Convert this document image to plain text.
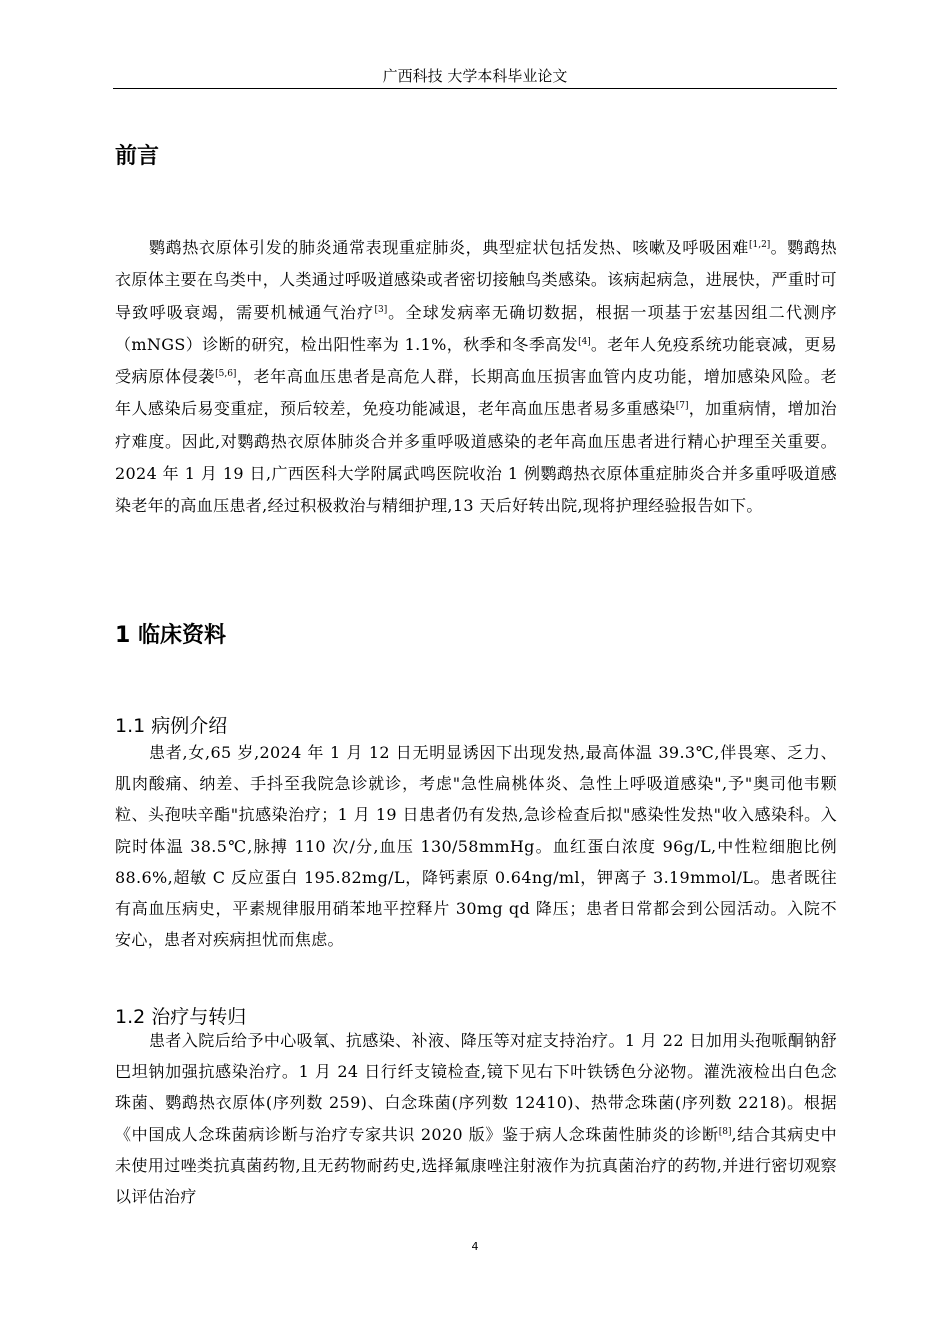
广西科技 大学本科毕业论文
前言
鹦鹉热衣原体引发的肺炎通常表现重症肺炎，典型症状包括发热、咳嗽及呼吸困难[1,2]。鹦鹉热衣原体主要在鸟类中，人类通过呼吸道感染或者密切接触鸟类感染。该病起病急，进展快，严重时可导致呼吸衰竭，需要机械通气治疗[3]。全球发病率无确切数据，根据一项基于宏基因组二代测序（mNGS）诊断的研究，检出阳性率为 1.1%，秋季和冬季高发[4]。老年人免疫系统功能衰减，更易受病原体侵袭[5,6]，老年高血压患者是高危人群，长期高血压损害血管内皮功能，增加感染风险。老年人感染后易变重症，预后较差，免疫功能减退，老年高血压患者易多重感染[7]，加重病情，增加治疗难度。因此,对鹦鹉热衣原体肺炎合并多重呼吸道感染的老年高血压患者进行精心护理至关重要。2024 年 1 月 19 日,广西医科大学附属武鸣医院收治 1 例鹦鹉热衣原体重症肺炎合并多重呼吸道感染老年的高血压患者,经过积极救治与精细护理,13 天后好转出院,现将护理经验报告如下。
1 临床资料
1.1 病例介绍
患者,女,65 岁,2024 年 1 月 12 日无明显诱因下出现发热,最高体温 39.3℃,伴畏寒、乏力、肌肉酸痛、纳差、手抖至我院急诊就诊，考虑"急性扁桃体炎、急性上呼吸道感染",予"奥司他韦颗粒、头孢呋辛酯"抗感染治疗；1 月 19 日患者仍有发热,急诊检查后拟"感染性发热"收入感染科。入院时体温 38.5℃,脉搏 110 次/分,血压 130/58mmHg。血红蛋白浓度 96g/L,中性粒细胞比例 88.6%,超敏 C 反应蛋白 195.82mg/L，降钙素原 0.64ng/ml，钾离子 3.19mmol/L。患者既往有高血压病史，平素规律服用硝苯地平控释片 30mg qd 降压；患者日常都会到公园活动。入院不安心，患者对疾病担忧而焦虑。
1.2 治疗与转归
患者入院后给予中心吸氧、抗感染、补液、降压等对症支持治疗。1 月 22 日加用头孢哌酮钠舒巴坦钠加强抗感染治疗。1 月 24 日行纤支镜检查,镜下见右下叶铁锈色分泌物。灌洗液检出白色念珠菌、鹦鹉热衣原体(序列数 259)、白念珠菌(序列数 12410)、热带念珠菌(序列数 2218)。根据《中国成人念珠菌病诊断与治疗专家共识 2020 版》鉴于病人念珠菌性肺炎的诊断[8],结合其病史中未使用过唑类抗真菌药物,且无药物耐药史,选择氟康唑注射液作为抗真菌治疗的药物,并进行密切观察以评估治疗
4
